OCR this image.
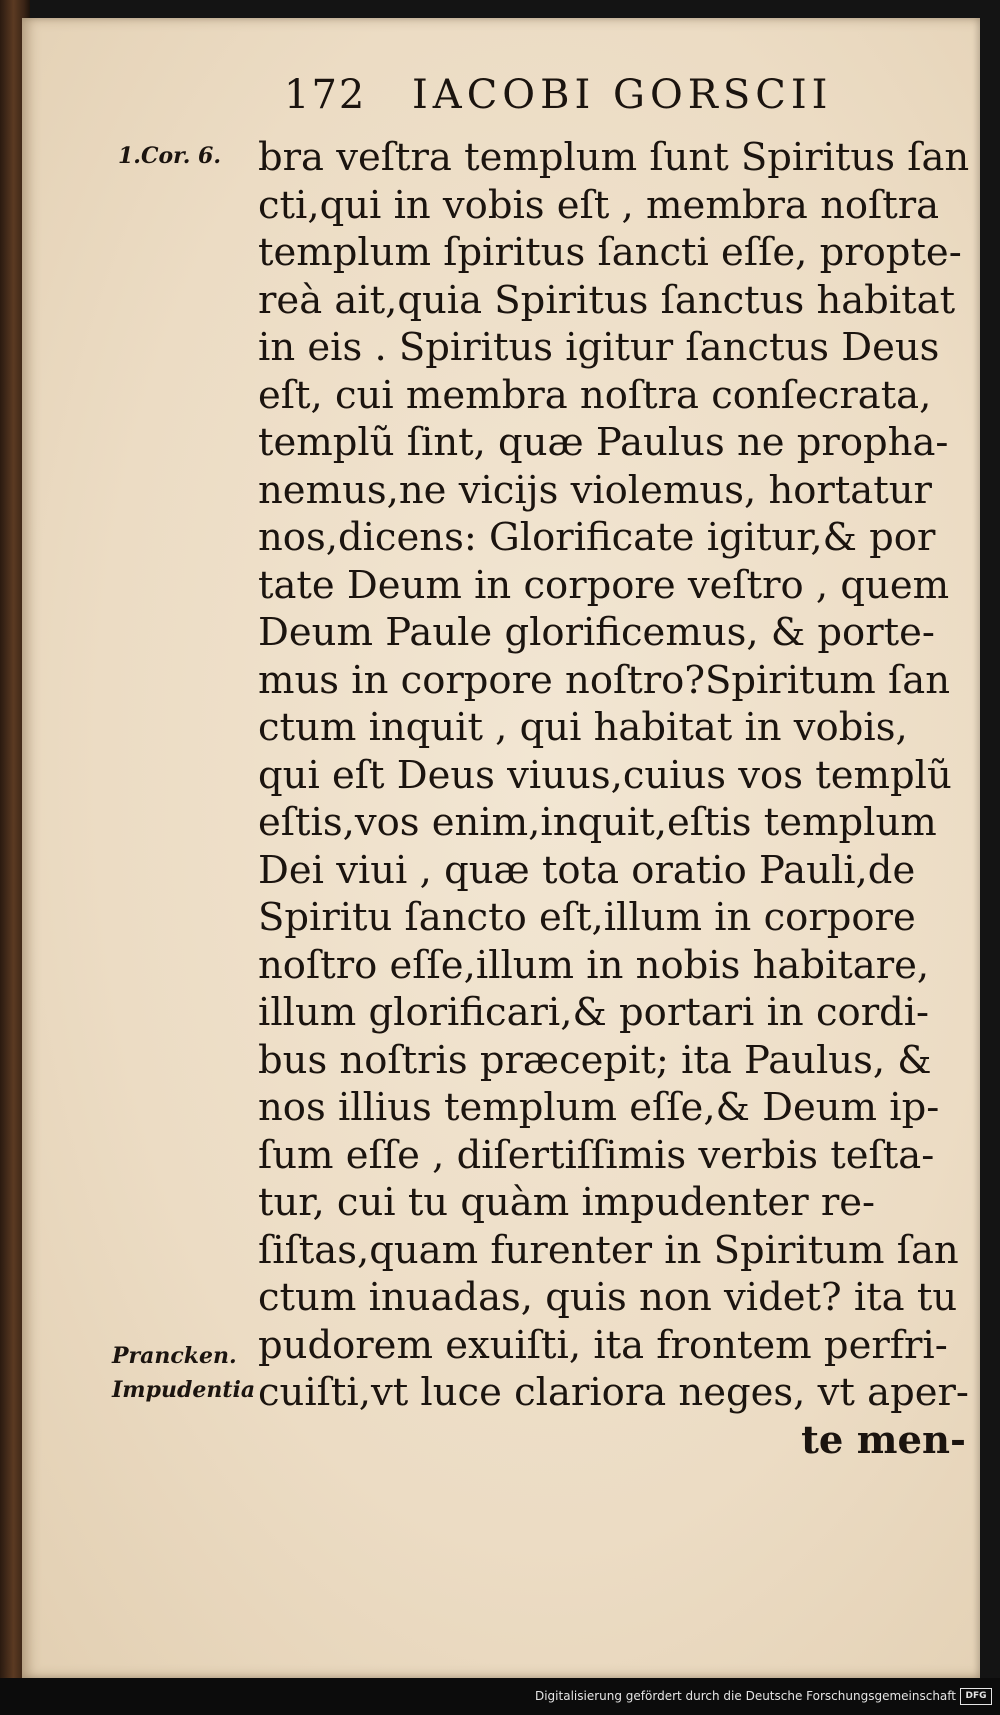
172 IACOBI GORSCII
1.Cor. 6.
Prancken.
Impudentia

bra veſtra templum ſunt Spiritus ſan
cti,qui in vobis eſt , membra noſtra
templum ſpiritus ſancti eſſe, propte-
reà ait,quia Spiritus ſanctus habitat
in eis . Spiritus igitur ſanctus Deus
eſt, cui membra noſtra conſecrata,
templũ ſint, quæ Paulus ne propha-
nemus,ne vicijs violemus, hortatur
nos,dicens: Glorificate igitur,& por
tate Deum in corpore veſtro , quem
Deum Paule glorificemus, & porte-
mus in corpore noſtro?Spiritum ſan
ctum inquit , qui habitat in vobis,
qui eſt Deus viuus,cuius vos templũ
eſtis,vos enim,inquit,eſtis templum
Dei viui , quæ tota oratio Pauli,de
Spiritu ſancto eſt,illum in corpore
noſtro eſſe,illum in nobis habitare,
illum glorificari,& portari in cordi-
bus noſtris præcepit; ita Paulus, &
nos illius templum eſſe,& Deum ip-
ſum eſſe , diſertiſſimis verbis teſta-
tur, cui tu quàm impudenter re-
ſiſtas,quam furenter in Spiritum ſan
ctum inuadas, quis non videt? ita tu
pudorem exuiſti, ita frontem perfri-
cuiſti,vt luce clariora neges, vt aper-
te men-

Digitalisierung gefördert durch die Deutsche Forschungsgemeinschaft	DFG
